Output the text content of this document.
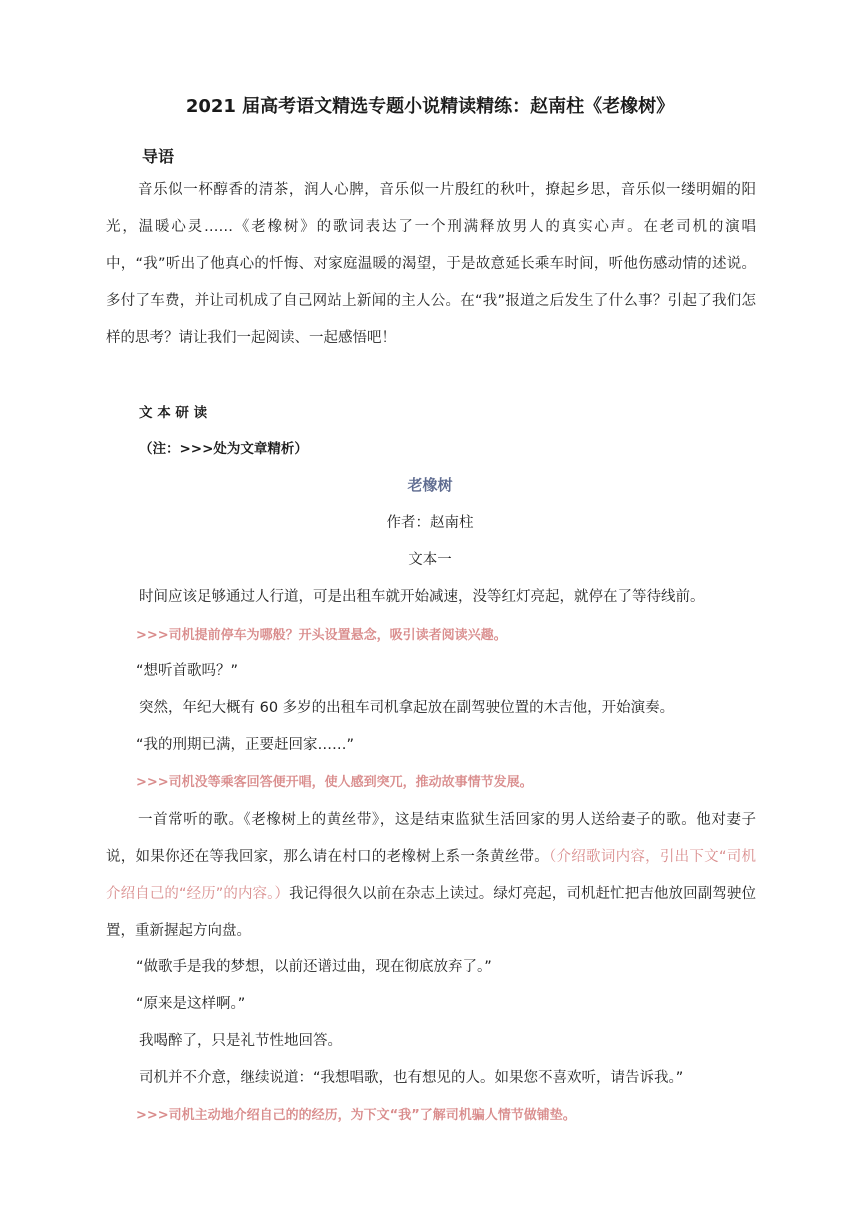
2021 届高考语文精选专题小说精读精练：赵南柱《老橡树》
导语
音乐似一杯醇香的清茶，润人心脾，音乐似一片殷红的秋叶，撩起乡思，音乐似一缕明媚的阳光，温暖心灵……《老橡树》的歌词表达了一个刑满释放男人的真实心声。在老司机的演唱中，“我”听出了他真心的忏悔、对家庭温暖的渴望，于是故意延长乘车时间，听他伤感动情的述说。多付了车费，并让司机成了自己网站上新闻的主人公。在“我”报道之后发生了什么事？引起了我们怎样的思考？请让我们一起阅读、一起感悟吧！
文 本 研 读
（注：>>>处为文章精析）
老橡树
作者：赵南柱
文本一
时间应该足够通过人行道，可是出租车就开始减速，没等红灯亮起，就停在了等待线前。
>>>司机提前停车为哪般？开头设置悬念，吸引读者阅读兴趣。
“想听首歌吗？”
突然，年纪大概有 60 多岁的出租车司机拿起放在副驾驶位置的木吉他，开始演奏。
“我的刑期已满，正要赶回家……”
>>>司机没等乘客回答便开唱，使人感到突兀，推动故事情节发展。
一首常听的歌。《老橡树上的黄丝带》，这是结束监狱生活回家的男人送给妻子的歌。他对妻子说，如果你还在等我回家，那么请在村口的老橡树上系一条黄丝带。（介绍歌词内容，引出下文“司机介绍自己的“经历”的内容。）我记得很久以前在杂志上读过。绿灯亮起，司机赶忙把吉他放回副驾驶位置，重新握起方向盘。
“做歌手是我的梦想，以前还谱过曲，现在彻底放弃了。”
“原来是这样啊。”
我喝醉了，只是礼节性地回答。
司机并不介意，继续说道：“我想唱歌，也有想见的人。如果您不喜欢听，请告诉我。”
>>>司机主动地介绍自己的的经历，为下文“我”了解司机骗人情节做铺垫。
